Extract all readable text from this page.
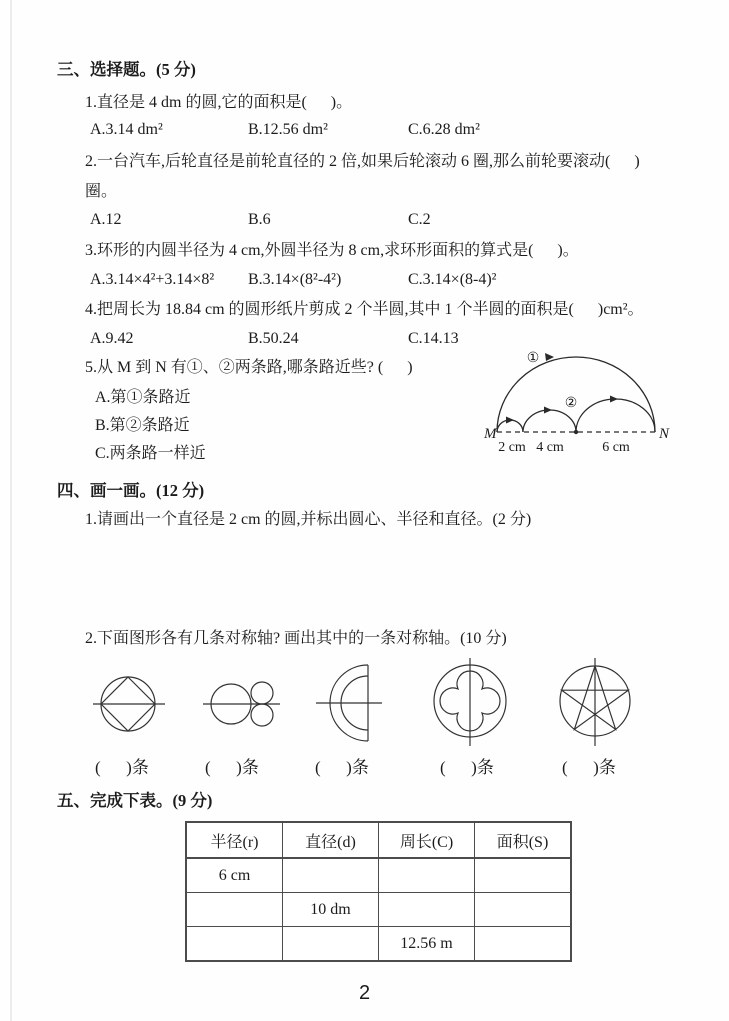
三、选择题。(5 分)
1.直径是 4 dm 的圆,它的面积是(      )。
A.3.14 dm²	B.12.56 dm²	C.6.28 dm²
2.一台汽车,后轮直径是前轮直径的 2 倍,如果后轮滚动 6 圈,那么前轮要滚动(      )
圈。
A.12	B.6	C.2
3.环形的内圆半径为 4 cm,外圆半径为 8 cm,求环形面积的算式是(      )。
A.3.14×4²+3.14×8² B.3.14×(8²-4²)	C.3.14×(8-4)²
4.把周长为 18.84 cm 的圆形纸片剪成 2 个半圆,其中 1 个半圆的面积是(      )cm²。
A.9.42	B.50.24	C.14.13
5.从 M 到 N 有①、②两条路,哪条路近些? (      )
A.第①条路近
B.第②条路近
C.两条路一样近
M	N
①
②
2 cm 4 cm	6 cm
四、画一画。(12 分)
1.请画出一个直径是 2 cm 的圆,并标出圆心、半径和直径。(2 分)
2.下面图形各有几条对称轴? 画出其中的一条对称轴。(10 分)
(      )条	(      )条	(      )条	(      )条	(      )条
五、完成下表。(9 分)
半径(r)	直径(d)	周长(C)	面积(S)
6 cm			
	10 dm		
		12.56 m	
2
